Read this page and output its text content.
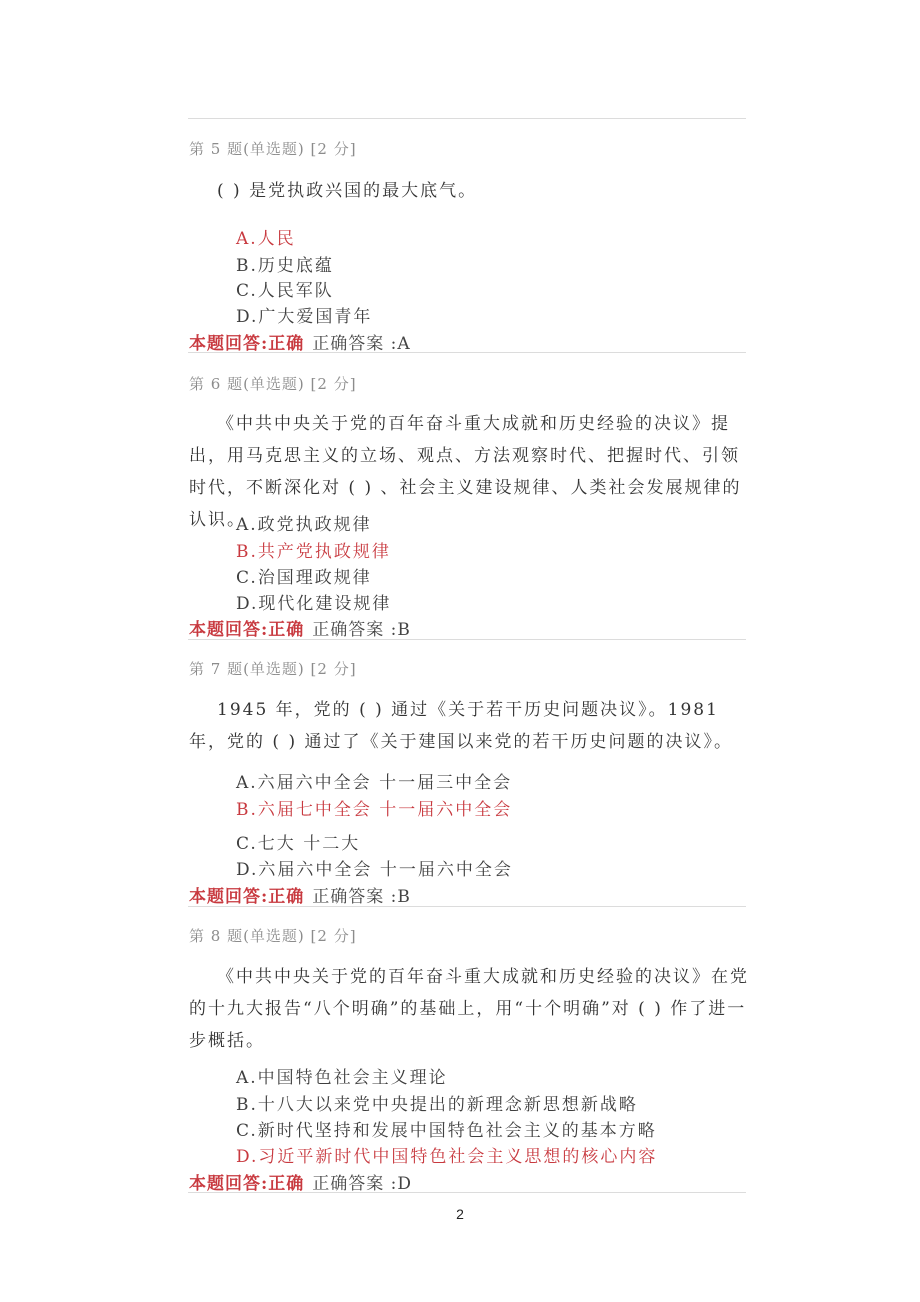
第 5 题(单选题) [2 分]
( ) 是党执政兴国的最大底气。
A.人民
B.历史底蕴
C.人民军队
D.广大爱国青年
本题回答:正确 正确答案 :A
第 6 题(单选题) [2 分]
《中共中央关于党的百年奋斗重大成就和历史经验的决议》提出，用马克思主义的立场、观点、方法观察时代、把握时代、引领时代，不断深化对 ( ) 、社会主义建设规律、人类社会发展规律的认识。
A.政党执政规律
B.共产党执政规律
C.治国理政规律
D.现代化建设规律
本题回答:正确 正确答案 :B
第 7 题(单选题) [2 分]
1945 年，党的 ( ) 通过《关于若干历史问题决议》。1981 年，党的 ( ) 通过了《关于建国以来党的若干历史问题的决议》。
A.六届六中全会 十一届三中全会
B.六届七中全会 十一届六中全会
C.七大 十二大
D.六届六中全会 十一届六中全会
本题回答:正确 正确答案 :B
第 8 题(单选题) [2 分]
《中共中央关于党的百年奋斗重大成就和历史经验的决议》在党的十九大报告“八个明确”的基础上，用“十个明确”对 ( ) 作了进一步概括。
A.中国特色社会主义理论
B.十八大以来党中央提出的新理念新思想新战略
C.新时代坚持和发展中国特色社会主义的基本方略
D.习近平新时代中国特色社会主义思想的核心内容
本题回答:正确 正确答案 :D
2
